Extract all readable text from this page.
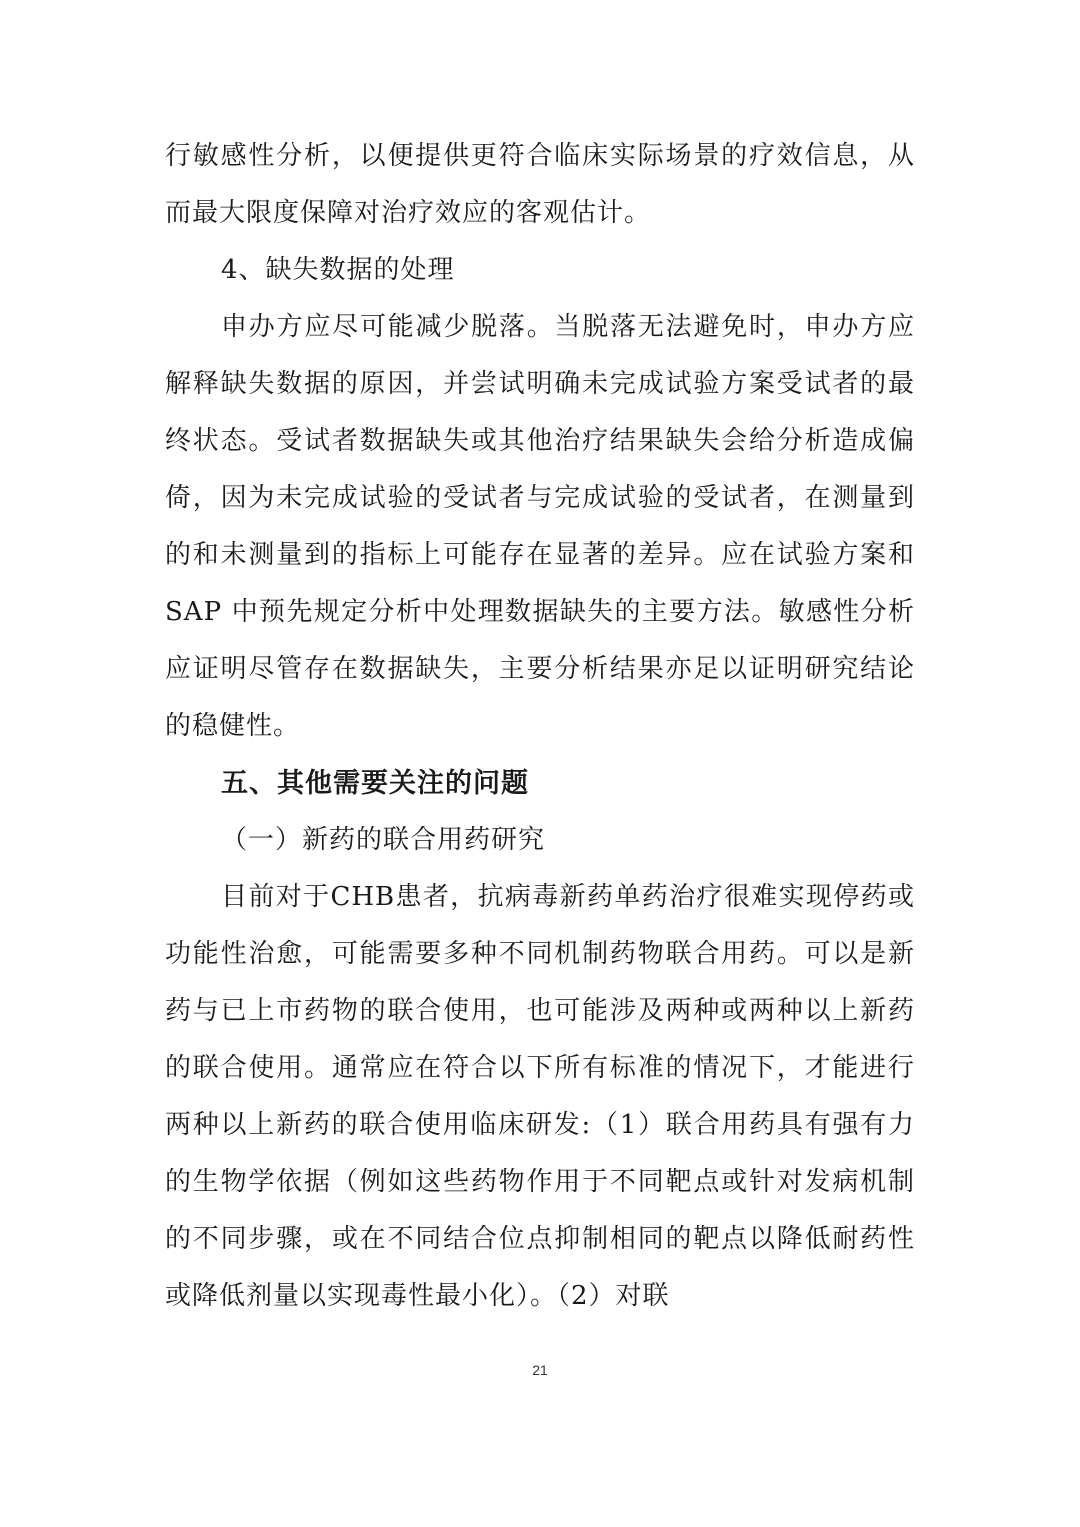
行敏感性分析，以便提供更符合临床实际场景的疗效信息，从而最大限度保障对治疗效应的客观估计。

4、缺失数据的处理

申办方应尽可能减少脱落。当脱落无法避免时，申办方应解释缺失数据的原因，并尝试明确未完成试验方案受试者的最终状态。受试者数据缺失或其他治疗结果缺失会给分析造成偏倚，因为未完成试验的受试者与完成试验的受试者，在测量到的和未测量到的指标上可能存在显著的差异。应在试验方案和 SAP 中预先规定分析中处理数据缺失的主要方法。敏感性分析应证明尽管存在数据缺失，主要分析结果亦足以证明研究结论的稳健性。

五、其他需要关注的问题

（一）新药的联合用药研究

目前对于CHB患者，抗病毒新药单药治疗很难实现停药或功能性治愈，可能需要多种不同机制药物联合用药。可以是新药与已上市药物的联合使用，也可能涉及两种或两种以上新药的联合使用。通常应在符合以下所有标准的情况下，才能进行两种以上新药的联合使用临床研发:（1）联合用药具有强有力的生物学依据（例如这些药物作用于不同靶点或针对发病机制的不同步骤，或在不同结合位点抑制相同的靶点以降低耐药性或降低剂量以实现毒性最小化）。（2）对联

21
